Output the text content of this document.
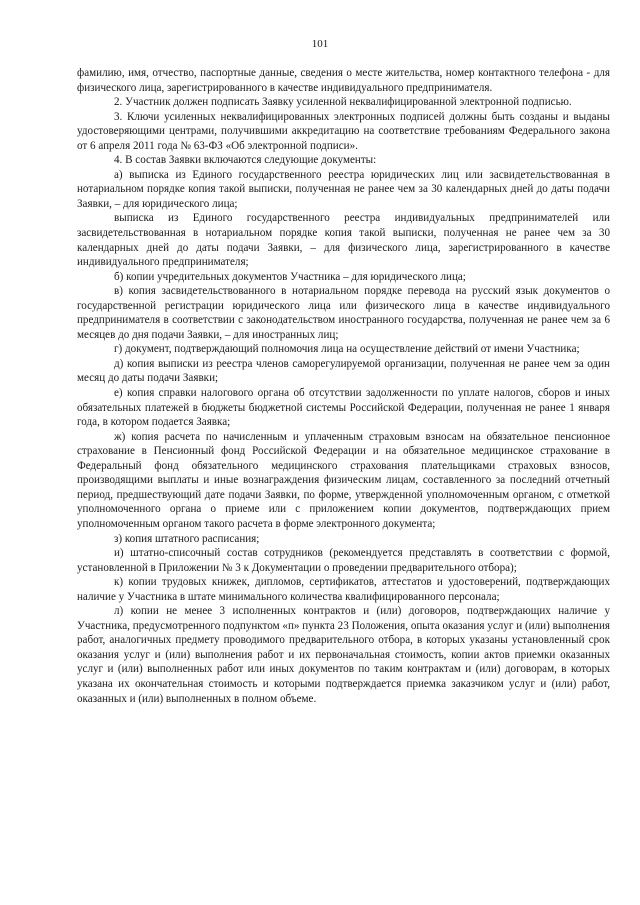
101

фамилию, имя, отчество, паспортные данные, сведения о месте жительства, номер контактного телефона - для физического лица, зарегистрированного в качестве индивидуального предпринимателя.

2. Участник должен подписать Заявку усиленной неквалифицированной электронной подписью.

3. Ключи усиленных неквалифицированных электронных подписей должны быть созданы и выданы удостоверяющими центрами, получившими аккредитацию на соответствие требованиям Федерального закона от 6 апреля 2011 года № 63-ФЗ «Об электронной подписи».

4. В состав Заявки включаются следующие документы:

а) выписка из Единого государственного реестра юридических лиц или засвидетельствованная в нотариальном порядке копия такой выписки, полученная не ранее чем за 30 календарных дней до даты подачи Заявки, – для юридического лица;

выписка из Единого государственного реестра индивидуальных предпринимателей или засвидетельствованная в нотариальном порядке копия такой выписки, полученная не ранее чем за 30 календарных дней до даты подачи Заявки, – для физического лица, зарегистрированного в качестве индивидуального предпринимателя;

б) копии учредительных документов Участника – для юридического лица;

в) копия засвидетельствованного в нотариальном порядке перевода на русский язык документов о государственной регистрации юридического лица или физического лица в качестве индивидуального предпринимателя в соответствии с законодательством иностранного государства, полученная не ранее чем за 6 месяцев до дня подачи Заявки, – для иностранных лиц;

г) документ, подтверждающий полномочия лица на осуществление действий от имени Участника;

д) копия выписки из реестра членов саморегулируемой организации, полученная не ранее чем за один месяц до даты подачи Заявки;

е) копия справки налогового органа об отсутствии задолженности по уплате налогов, сборов и иных обязательных платежей в бюджеты бюджетной системы Российской Федерации, полученная не ранее 1 января года, в котором подается Заявка;

ж) копия расчета по начисленным и уплаченным страховым взносам на обязательное пенсионное страхование в Пенсионный фонд Российской Федерации и на обязательное медицинское страхование в Федеральный фонд обязательного медицинского страхования плательщиками страховых взносов, производящими выплаты и иные вознаграждения физическим лицам, составленного за последний отчетный период, предшествующий дате подачи Заявки, по форме, утвержденной уполномоченным органом, с отметкой уполномоченного органа о приеме или с приложением копии документов, подтверждающих прием уполномоченным органом такого расчета в форме электронного документа;

з) копия штатного расписания;

и) штатно-списочный состав сотрудников (рекомендуется представлять в соответствии с формой, установленной в Приложении № 3 к Документации о проведении предварительного отбора);

к) копии трудовых книжек, дипломов, сертификатов, аттестатов и удостоверений, подтверждающих наличие у Участника в штате минимального количества квалифицированного персонала;

л) копии не менее 3 исполненных контрактов и (или) договоров, подтверждающих наличие у Участника, предусмотренного подпунктом «п» пункта 23 Положения, опыта оказания услуг и (или) выполнения работ, аналогичных предмету проводимого предварительного отбора, в которых указаны установленный срок оказания услуг и (или) выполнения работ и их первоначальная стоимость, копии актов приемки оказанных услуг и (или) выполненных работ или иных документов по таким контрактам и (или) договорам, в которых указана их окончательная стоимость и которыми подтверждается приемка заказчиком услуг и (или) работ, оказанных и (или) выполненных в полном объеме.
